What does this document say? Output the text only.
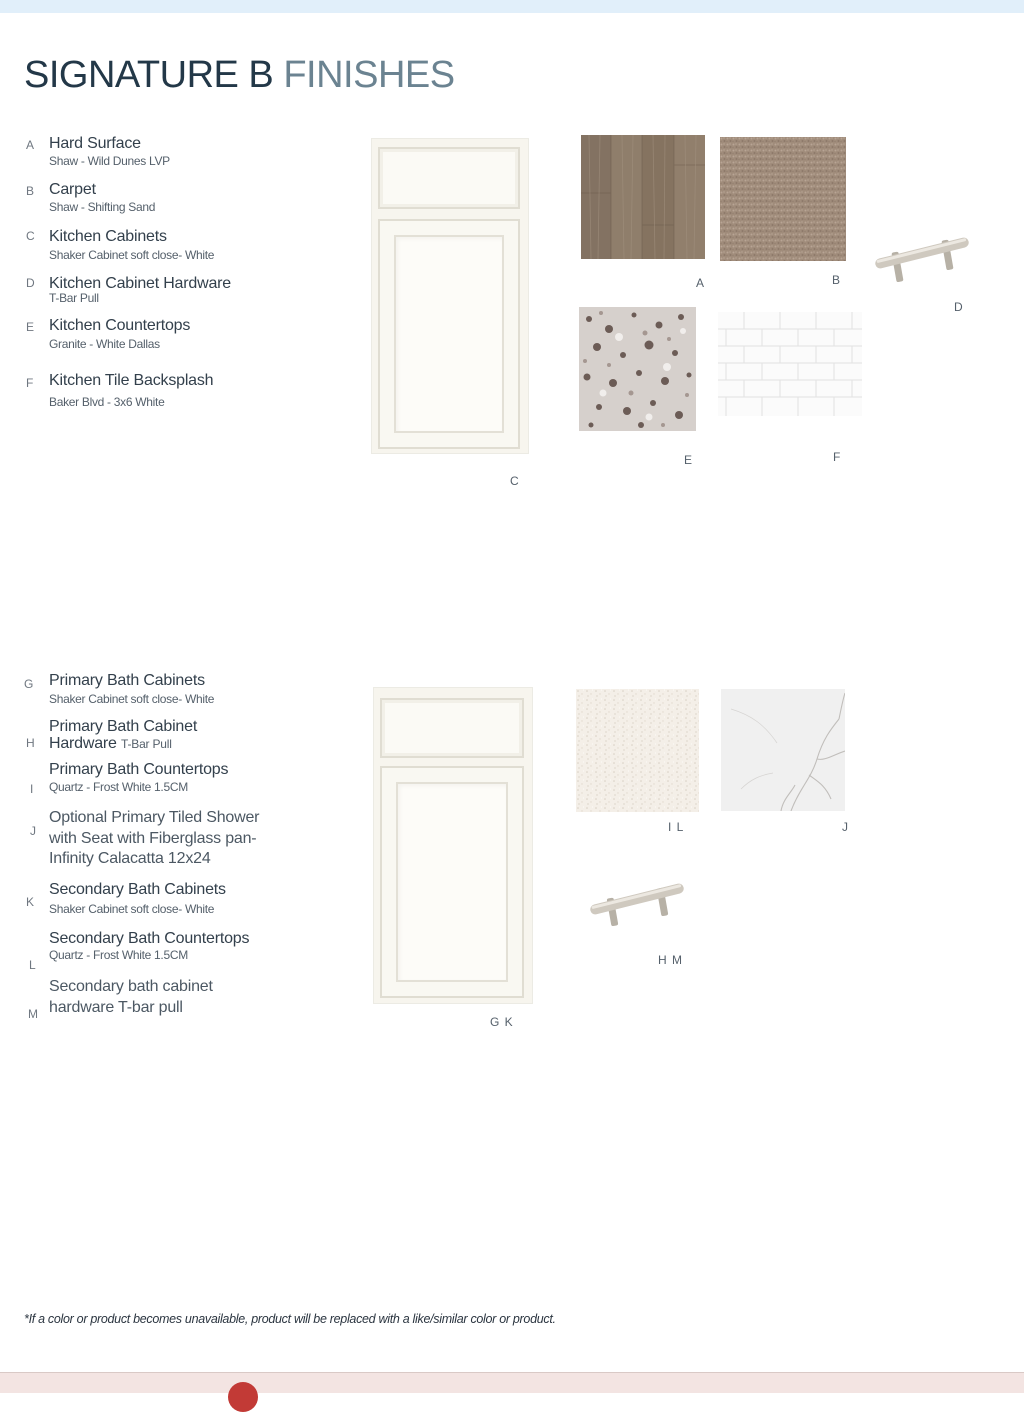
SIGNATURE B FINISHES
A Hard Surface
Shaw - Wild Dunes LVP
B Carpet
Shaw - Shifting Sand
C Kitchen Cabinets
Shaker Cabinet soft close- White
D Kitchen Cabinet Hardware
T-Bar Pull
E Kitchen Countertops
Granite - White Dallas
F Kitchen Tile Backsplash
Baker Blvd - 3x6 White
C
A	B
D
E	F
G Primary Bath Cabinets
Shaker Cabinet soft close- White
H
Primary Bath Cabinet
Hardware T-Bar Pull
I
Primary Bath Countertops
Quartz - Frost White 1.5CM
J
Optional Primary Tiled Shower
with Seat with Fiberglass pan-
Infinity Calacatta 12x24
K
Secondary Bath Cabinets
Shaker Cabinet soft close- White
L
Secondary Bath Countertops
Quartz - Frost White 1.5CM
M
Secondary bath cabinet
hardware T-bar pull
G K
I L	J
H M
*If a color or product becomes unavailable, product will be replaced with a like/similar color or product.
